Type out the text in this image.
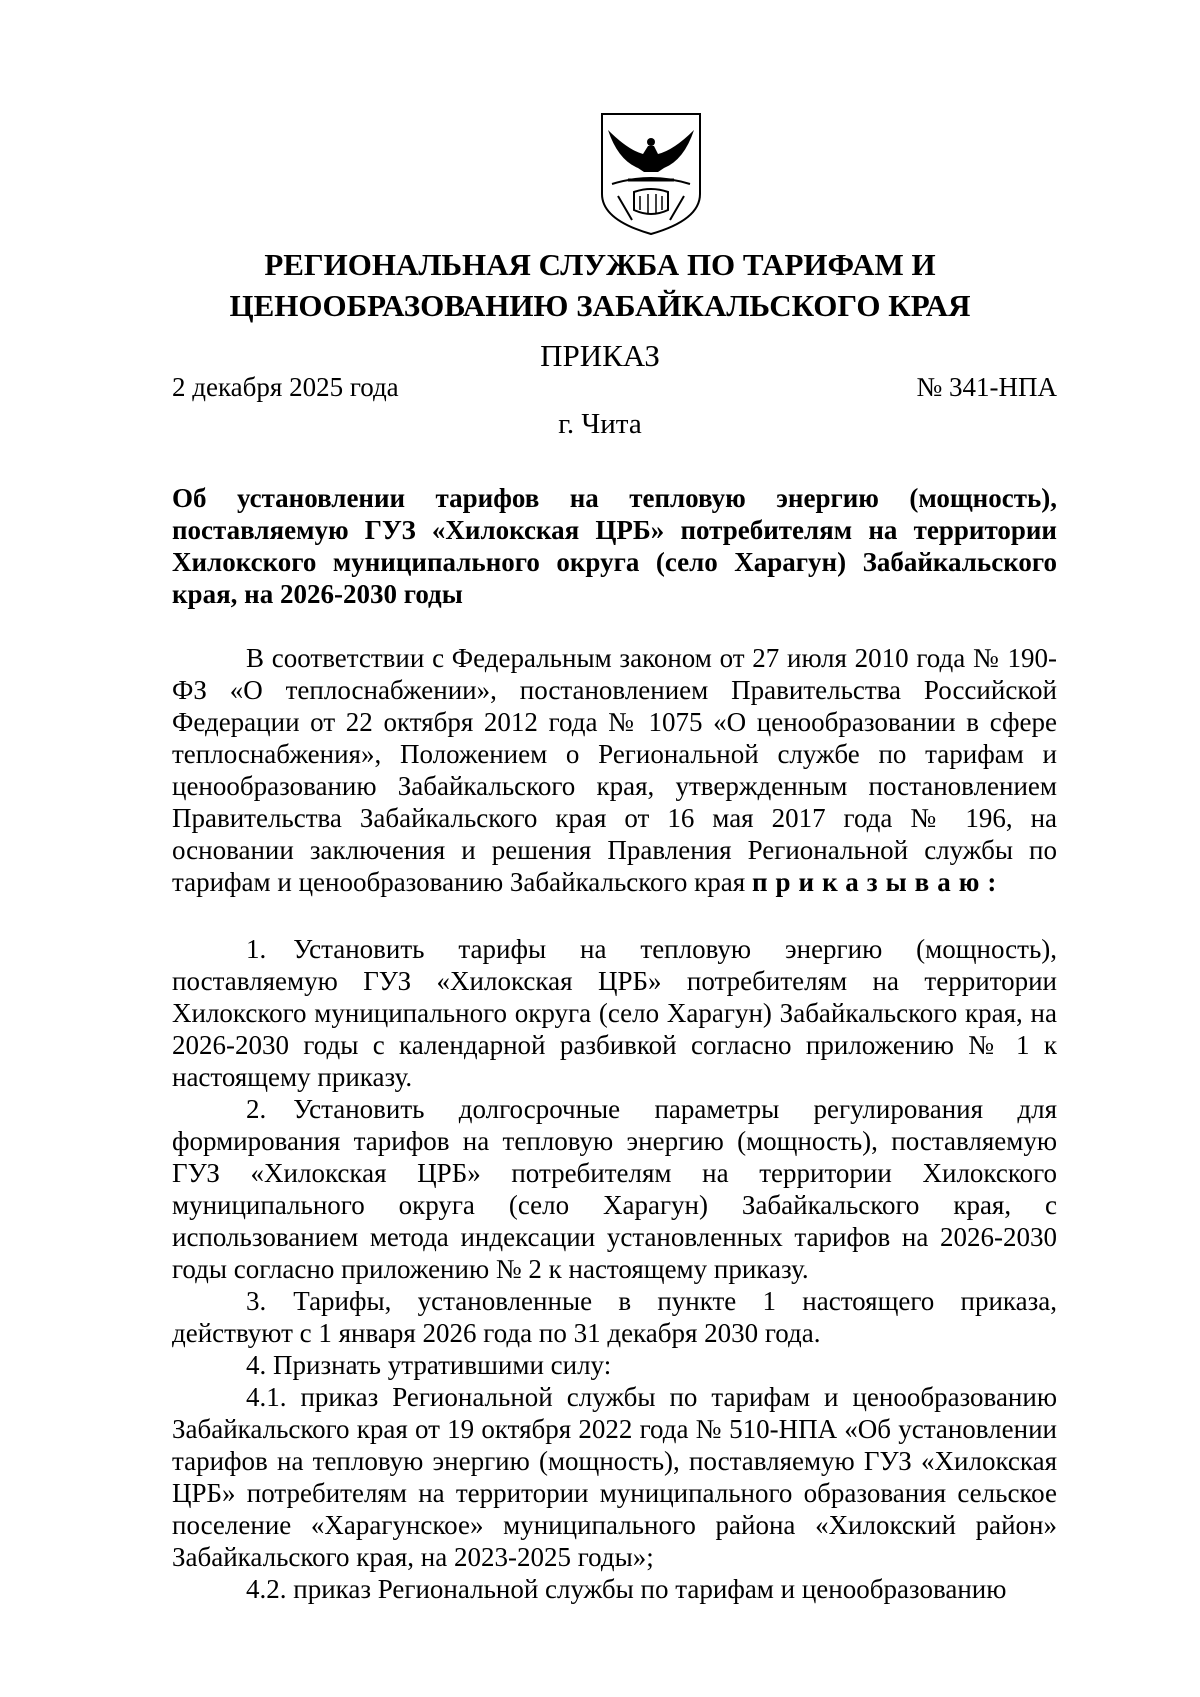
РЕГИОНАЛЬНАЯ СЛУЖБА ПО ТАРИФАМ И
ЦЕНООБРАЗОВАНИЮ ЗАБАЙКАЛЬСКОГО КРАЯ
ПРИКАЗ
2 декабря 2025 года	№ 341-НПА
г. Чита
Об установлении тарифов на тепловую энергию (мощность), поставляемую ГУЗ «Хилокская ЦРБ» потребителям на территории Хилокского муниципального округа (село Харагун) Забайкальского края, на 2026-2030 годы

В соответствии с Федеральным законом от 27 июля 2010 года № 190-ФЗ «О теплоснабжении», постановлением Правительства Российской Федерации от 22 октября 2012 года № 1075 «О ценообразовании в сфере теплоснабжения», Положением о Региональной службе по тарифам и ценообразованию Забайкальского края, утвержденным постановлением Правительства Забайкальского края от 16 мая 2017 года № 196, на основании заключения и решения Правления Региональной службы по тарифам и ценообразованию Забайкальского края приказываю:

1. Установить тарифы на тепловую энергию (мощность), поставляемую ГУЗ «Хилокская ЦРБ» потребителям на территории Хилокского муниципального округа (село Харагун) Забайкальского края, на 2026-2030 годы с календарной разбивкой согласно приложению № 1 к настоящему приказу.

2. Установить долгосрочные параметры регулирования для формирования тарифов на тепловую энергию (мощность), поставляемую ГУЗ «Хилокская ЦРБ» потребителям на территории Хилокского муниципального округа (село Харагун) Забайкальского края, с использованием метода индексации установленных тарифов на 2026-2030 годы согласно приложению № 2 к настоящему приказу.

3. Тарифы, установленные в пункте 1 настоящего приказа, действуют с 1 января 2026 года по 31 декабря 2030 года.

4. Признать утратившими силу:

4.1. приказ Региональной службы по тарифам и ценообразованию Забайкальского края от 19 октября 2022 года № 510-НПА «Об установлении тарифов на тепловую энергию (мощность), поставляемую ГУЗ «Хилокская ЦРБ» потребителям на территории муниципального образования сельское поселение «Харагунское» муниципального района «Хилокский район» Забайкальского края, на 2023-2025 годы»;

4.2. приказ Региональной службы по тарифам и ценообразованию
